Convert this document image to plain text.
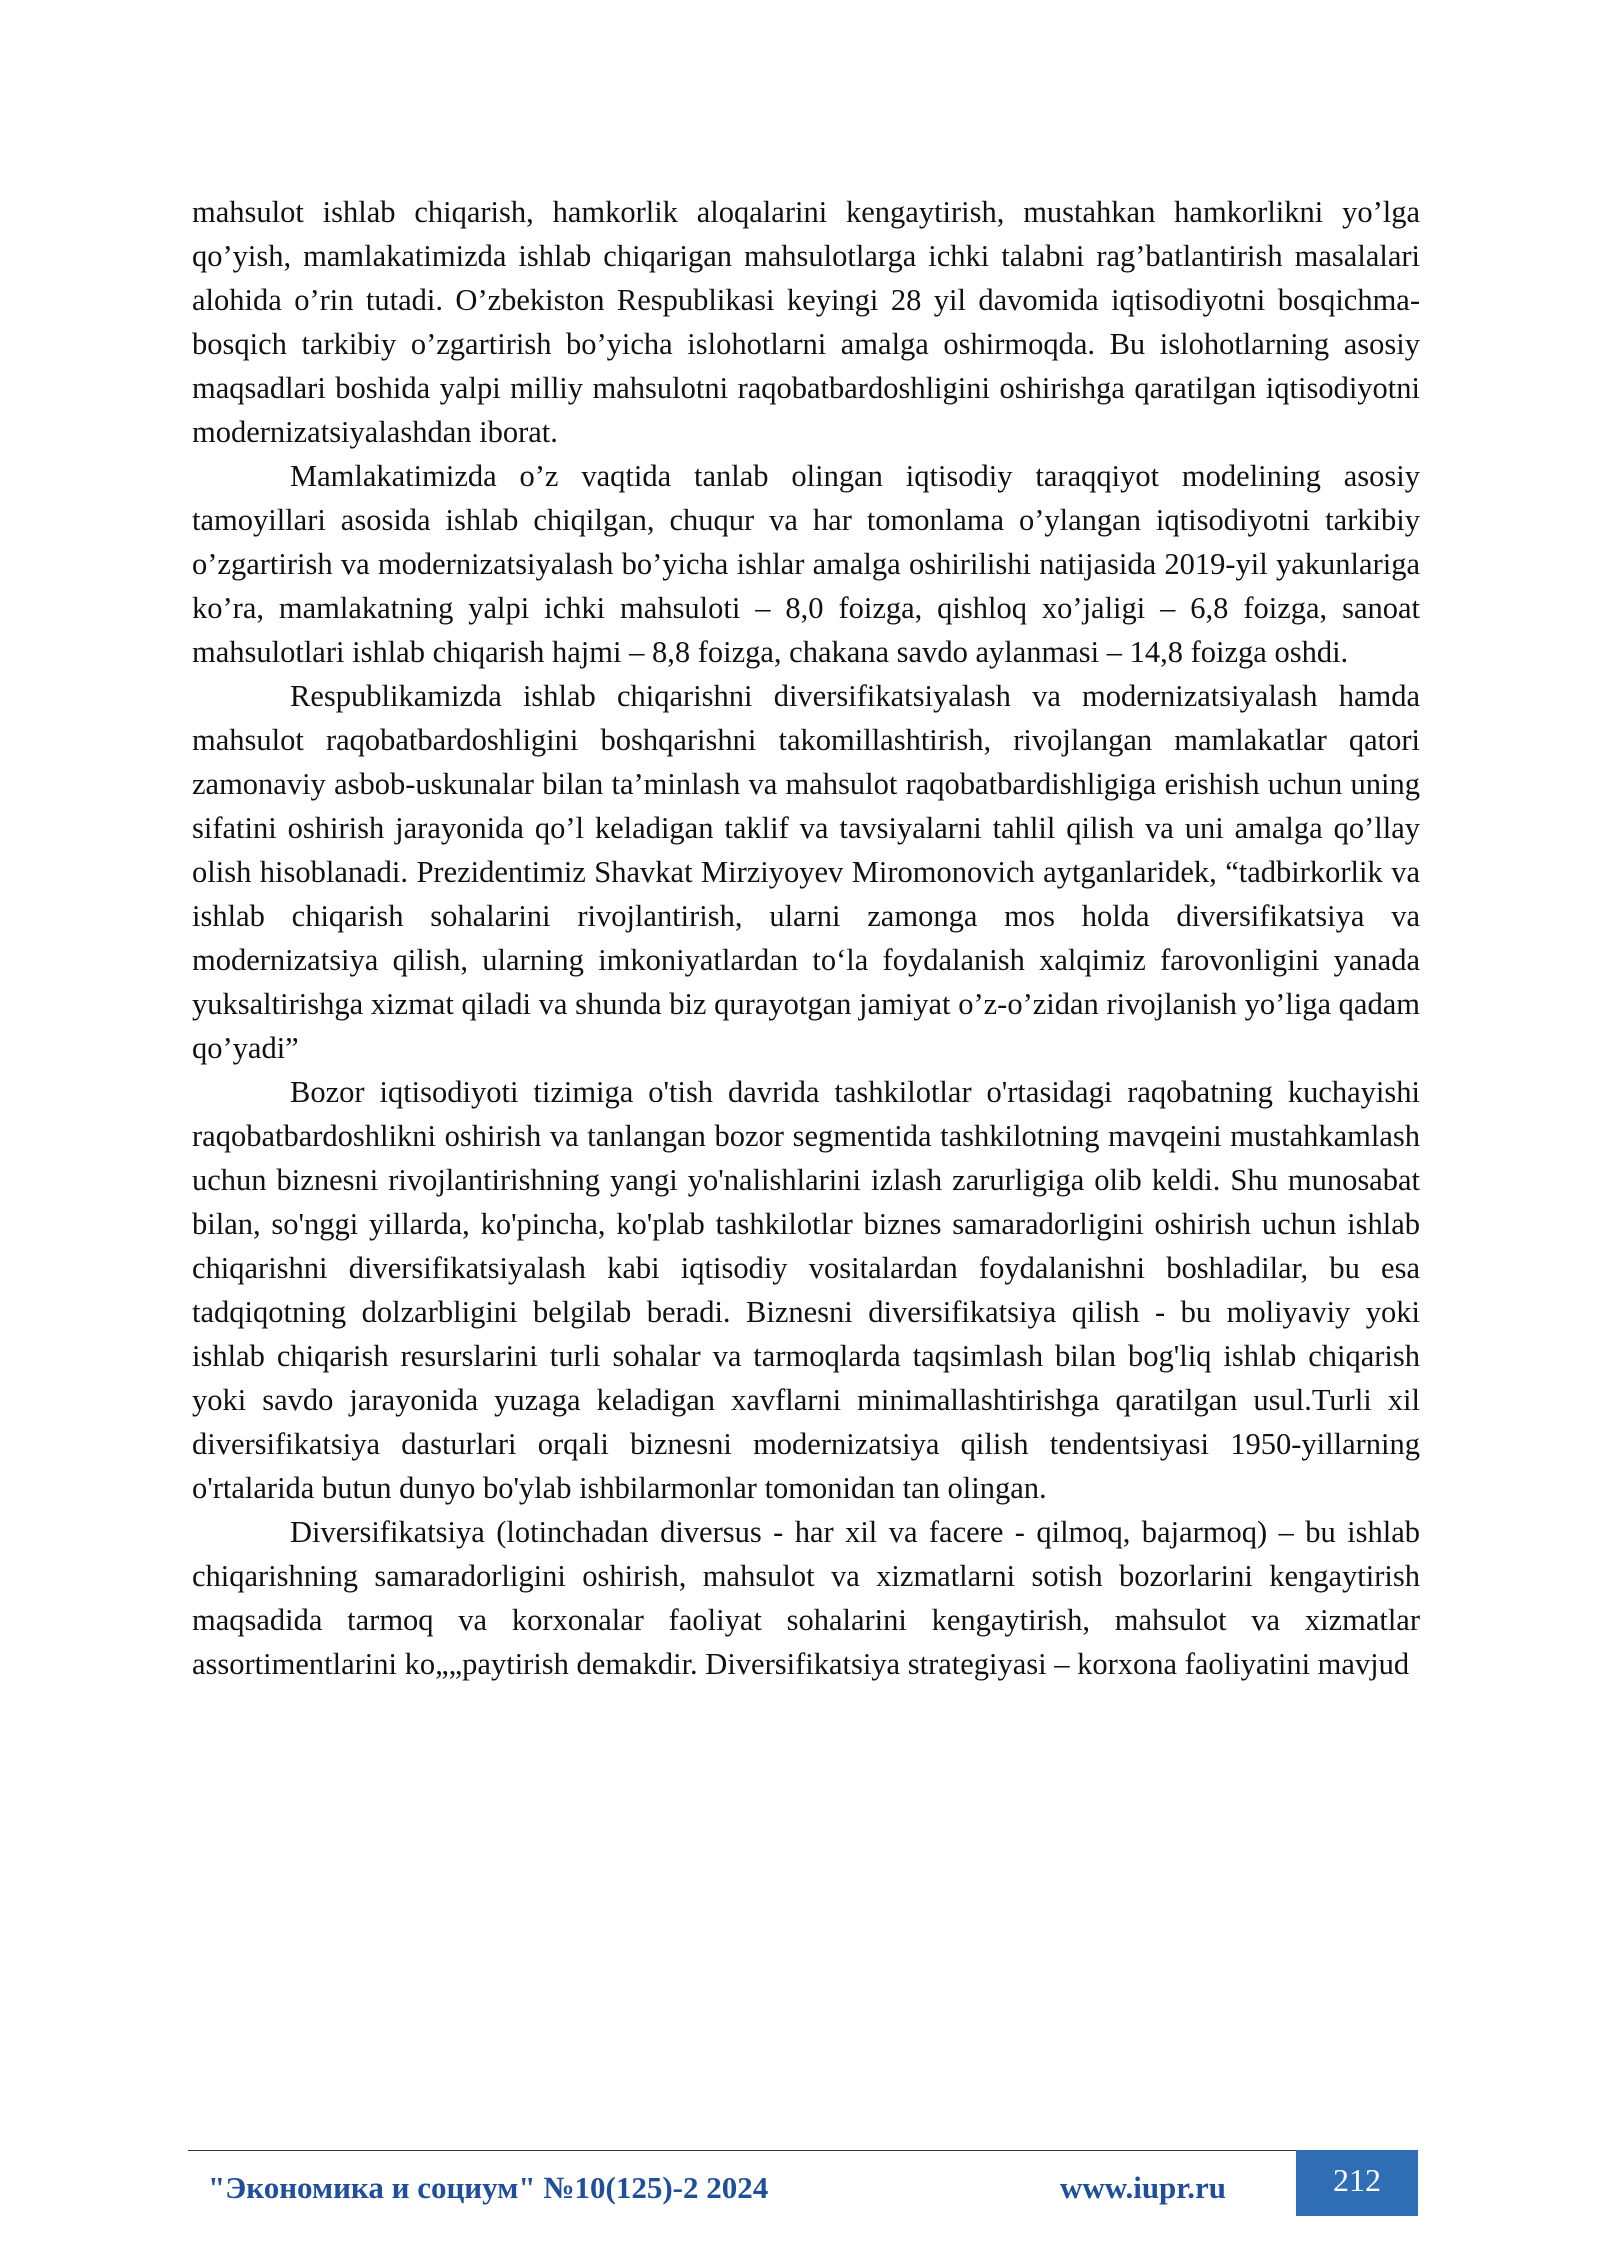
mahsulot ishlab chiqarish, hamkorlik aloqalarini kengaytirish, mustahkan hamkorlikni yo’lga qo’yish, mamlakatimizda ishlab chiqarigan mahsulotlarga ichki talabni rag’batlantirish masalalari alohida o’rin tutadi. O’zbekiston Respublikasi keyingi 28 yil davomida iqtisodiyotni bosqichma-bosqich tarkibiy o’zgartirish bo’yicha islohotlarni amalga oshirmoqda. Bu islohotlarning asosiy maqsadlari boshida yalpi milliy mahsulotni raqobatbardoshligini oshirishga qaratilgan iqtisodiyotni modernizatsiyalashdan iborat.

Mamlakatimizda o’z vaqtida tanlab olingan iqtisodiy taraqqiyot modelining asosiy tamoyillari asosida ishlab chiqilgan, chuqur va har tomonlama o’ylangan iqtisodiyotni tarkibiy o’zgartirish va modernizatsiyalash bo’yicha ishlar amalga oshirilishi natijasida 2019-yil yakunlariga ko’ra, mamlakatning yalpi ichki mahsuloti – 8,0 foizga, qishloq xo’jaligi – 6,8 foizga, sanoat mahsulotlari ishlab chiqarish hajmi – 8,8 foizga, chakana savdo aylanmasi – 14,8 foizga oshdi.

Respublikamizda ishlab chiqarishni diversifikatsiyalash va modernizatsiyalash hamda mahsulot raqobatbardoshligini boshqarishni takomillashtirish, rivojlangan mamlakatlar qatori zamonaviy asbob-uskunalar bilan ta’minlash va mahsulot raqobatbardishligiga erishish uchun uning sifatini oshirish jarayonida qo’l keladigan taklif va tavsiyalarni tahlil qilish va uni amalga qo’llay olish hisoblanadi. Prezidentimiz Shavkat Mirziyoyev Miromonovich aytganlaridek, “tadbirkorlik va ishlab chiqarish sohalarini rivojlantirish, ularni zamonga mos holda diversifikatsiya va modernizatsiya qilish, ularning imkoniyatlardan to‘la foydalanish xalqimiz farovonligini yanada yuksaltirishga xizmat qiladi va shunda biz qurayotgan jamiyat o’z-o’zidan rivojlanish yo’liga qadam qo’yadi”

Bozor iqtisodiyoti tizimiga o'tish davrida tashkilotlar o'rtasidagi raqobatning kuchayishi raqobatbardoshlikni oshirish va tanlangan bozor segmentida tashkilotning mavqeini mustahkamlash uchun biznesni rivojlantirishning yangi yo'nalishlarini izlash zarurligiga olib keldi. Shu munosabat bilan, so'nggi yillarda, ko'pincha, ko'plab tashkilotlar biznes samaradorligini oshirish uchun ishlab chiqarishni diversifikatsiyalash kabi iqtisodiy vositalardan foydalanishni boshladilar, bu esa tadqiqotning dolzarbligini belgilab beradi. Biznesni diversifikatsiya qilish - bu moliyaviy yoki ishlab chiqarish resurslarini turli sohalar va tarmoqlarda taqsimlash bilan bog'liq ishlab chiqarish yoki savdo jarayonida yuzaga keladigan xavflarni minimallashtirishga qaratilgan usul.Turli xil diversifikatsiya dasturlari orqali biznesni modernizatsiya qilish tendentsiyasi 1950-yillarning o'rtalarida butun dunyo bo'ylab ishbilarmonlar tomonidan tan olingan.

Diversifikatsiya (lotinchadan diversus - har xil va facere - qilmoq, bajarmoq) – bu ishlab chiqarishning samaradorligini oshirish, mahsulot va xizmatlarni sotish bozorlarini kengaytirish maqsadida tarmoq va korxonalar faoliyat sohalarini kengaytirish, mahsulot va xizmatlar assortimentlarini ko„„paytirish demakdir. Diversifikatsiya strategiyasi – korxona faoliyatini mavjud

"Экономика и социум" №10(125)-2 2024	www.iupr.ru	212
